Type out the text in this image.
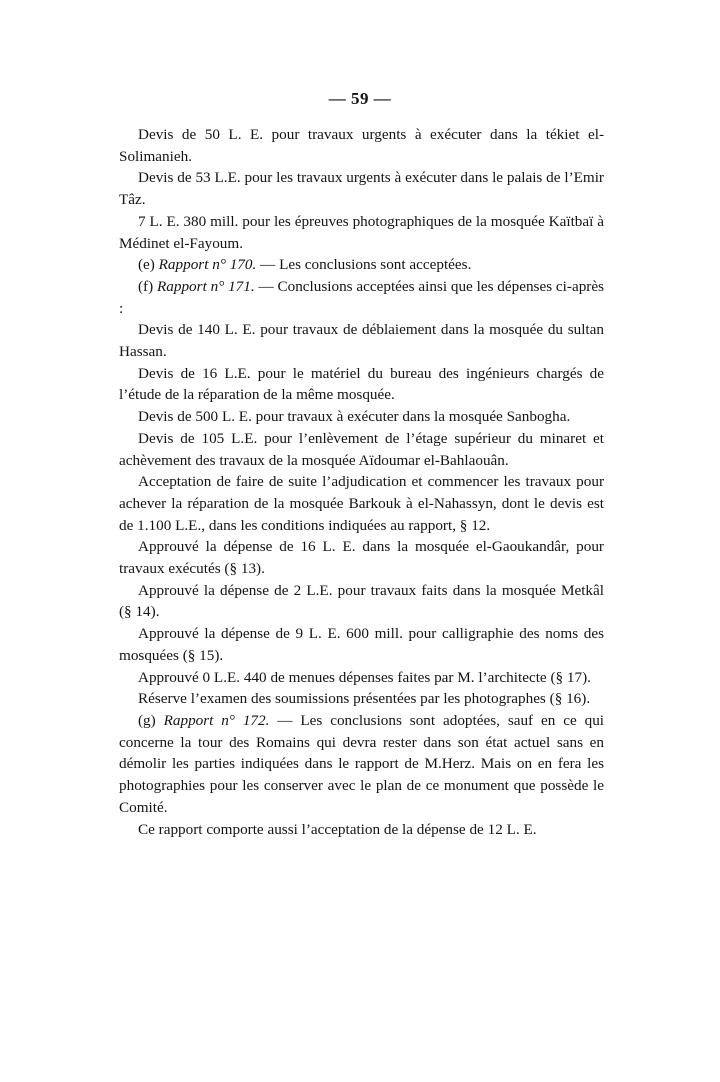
— 59 —

Devis de 50 L. E. pour travaux urgents à exécuter dans la tékiet el-Solimanieh.

Devis de 53 L.E. pour les travaux urgents à exécuter dans le palais de l’Emir Tâz.

7 L. E. 380 mill. pour les épreuves photographiques de la mosquée Kaïtbaï à Médinet el-Fayoum.

(e) Rapport n° 170. — Les conclusions sont acceptées.

(f) Rapport n° 171. — Conclusions acceptées ainsi que les dépenses ci-après :

Devis de 140 L. E. pour travaux de déblaiement dans la mosquée du sultan Hassan.

Devis de 16 L.E. pour le matériel du bureau des ingénieurs chargés de l’étude de la réparation de la même mosquée.

Devis de 500 L. E. pour travaux à exécuter dans la mosquée Sanbogha.

Devis de 105 L.E. pour l’enlèvement de l’étage supérieur du minaret et achèvement des travaux de la mosquée Aïdoumar el-Bahlaouân.

Acceptation de faire de suite l’adjudication et commencer les travaux pour achever la réparation de la mosquée Barkouk à el-Nahassyn, dont le devis est de 1.100 L.E., dans les conditions indiquées au rapport, § 12.

Approuvé la dépense de 16 L. E. dans la mosquée el-Gaoukandâr, pour travaux exécutés (§ 13).

Approuvé la dépense de 2 L.E. pour travaux faits dans la mosquée Metkâl (§ 14).

Approuvé la dépense de 9 L. E. 600 mill. pour calligraphie des noms des mosquées (§ 15).

Approuvé 0 L.E. 440 de menues dépenses faites par M. l’architecte (§ 17).

Réserve l’examen des soumissions présentées par les photographes (§ 16).

(g) Rapport n° 172. — Les conclusions sont adoptées, sauf en ce qui concerne la tour des Romains qui devra rester dans son état actuel sans en démolir les parties indiquées dans le rapport de M.Herz. Mais on en fera les photographies pour les conserver avec le plan de ce monument que possède le Comité.

Ce rapport comporte aussi l’acceptation de la dépense de 12 L. E.
